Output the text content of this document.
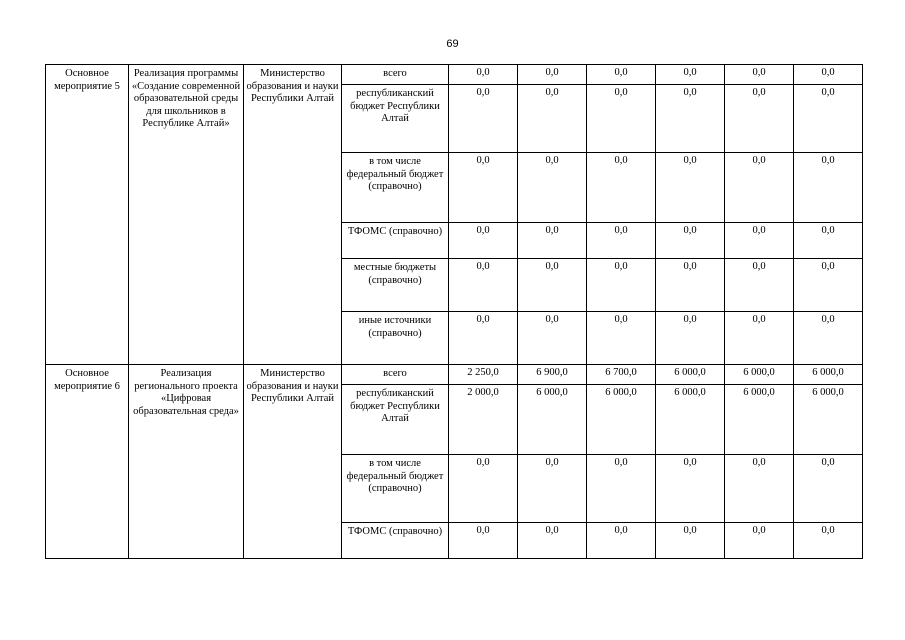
69
Основное мероприятие 5	Реализация программы «Создание современной образовательной среды для школьников в Республике Алтай»	Министерство образования и науки Республики Алтай	всего	0,0	0,0	0,0	0,0	0,0	0,0
			республиканский бюджет Республики Алтай	0,0	0,0	0,0	0,0	0,0	0,0
			в том числе федеральный бюджет (справочно)	0,0	0,0	0,0	0,0	0,0	0,0
			ТФОМС (справочно)	0,0	0,0	0,0	0,0	0,0	0,0
			местные бюджеты (справочно)	0,0	0,0	0,0	0,0	0,0	0,0
			иные источники (справочно)	0,0	0,0	0,0	0,0	0,0	0,0
Основное мероприятие 6	Реализация регионального проекта «Цифровая образовательная среда»	Министерство образования и науки Республики Алтай	всего	2 250,0	6 900,0	6 700,0	6 000,0	6 000,0	6 000,0
			республиканский бюджет Республики Алтай	2 000,0	6 000,0	6 000,0	6 000,0	6 000,0	6 000,0
			в том числе федеральный бюджет (справочно)	0,0	0,0	0,0	0,0	0,0	0,0
			ТФОМС (справочно)	0,0	0,0	0,0	0,0	0,0	0,0
